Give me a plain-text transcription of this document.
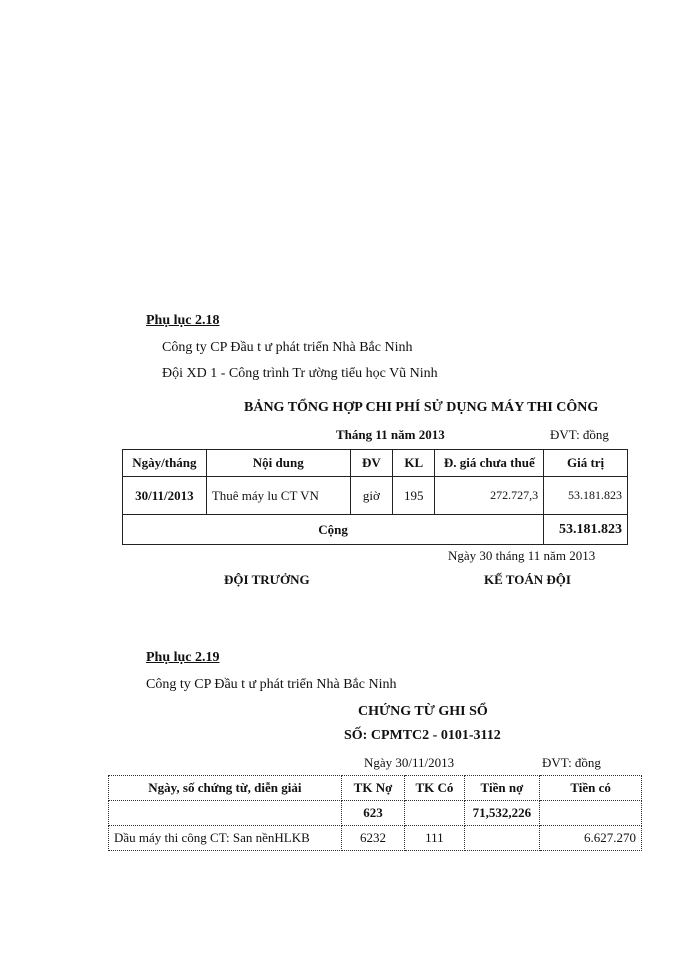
Phụ lục 2.18
Công ty CP Đầu t ư phát triển Nhà Bắc Ninh
Đội XD 1 - Công trình Tr ường tiểu học Vũ Ninh
BẢNG TỔNG HỢP CHI PHÍ SỬ DỤNG MÁY THI CÔNG
Tháng 11 năm 2013	ĐVT: đồng
Ngày/tháng	Nội dung	ĐV	KL	Đ. giá chưa thuế	Giá trị
30/11/2013	Thuê máy lu CT VN	giờ	195	272.727,3	53.181.823
Cộng					53.181.823
Ngày 30 tháng 11 năm 2013
ĐỘI TRƯỞNG	KẾ TOÁN ĐỘI
Phụ lục 2.19
Công ty CP Đầu t ư phát triển Nhà Bắc Ninh
CHỨNG TỪ GHI SỔ
SỐ: CPMTC2 - 0101-3112
Ngày 30/11/2013	ĐVT: đồng
Ngày, số chứng từ, diễn giải	TK Nợ	TK Có	Tiền nợ	Tiền có
	623		71,532,226	
Dầu máy thi công CT: San nềnHLKB	6232	111		6.627.270
